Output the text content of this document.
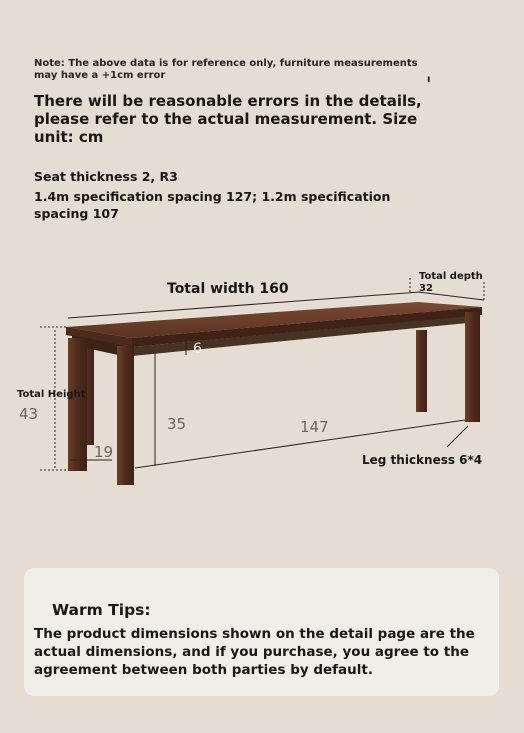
Note: The above data is for reference only, furniture measurements may have a +1cm error	ı
There will be reasonable errors in the details, please refer to the actual measurement. Size unit: cm
Seat thickness 2, R3
1.4m specification spacing 127; 1.2m specification spacing 107
Total width 160
Total depth
32
6
Total Height
43
35	147
19	Leg thickness 6*4
Warm Tips:
The product dimensions shown on the detail page are the actual dimensions, and if you purchase, you agree to the agreement between both parties by default.
